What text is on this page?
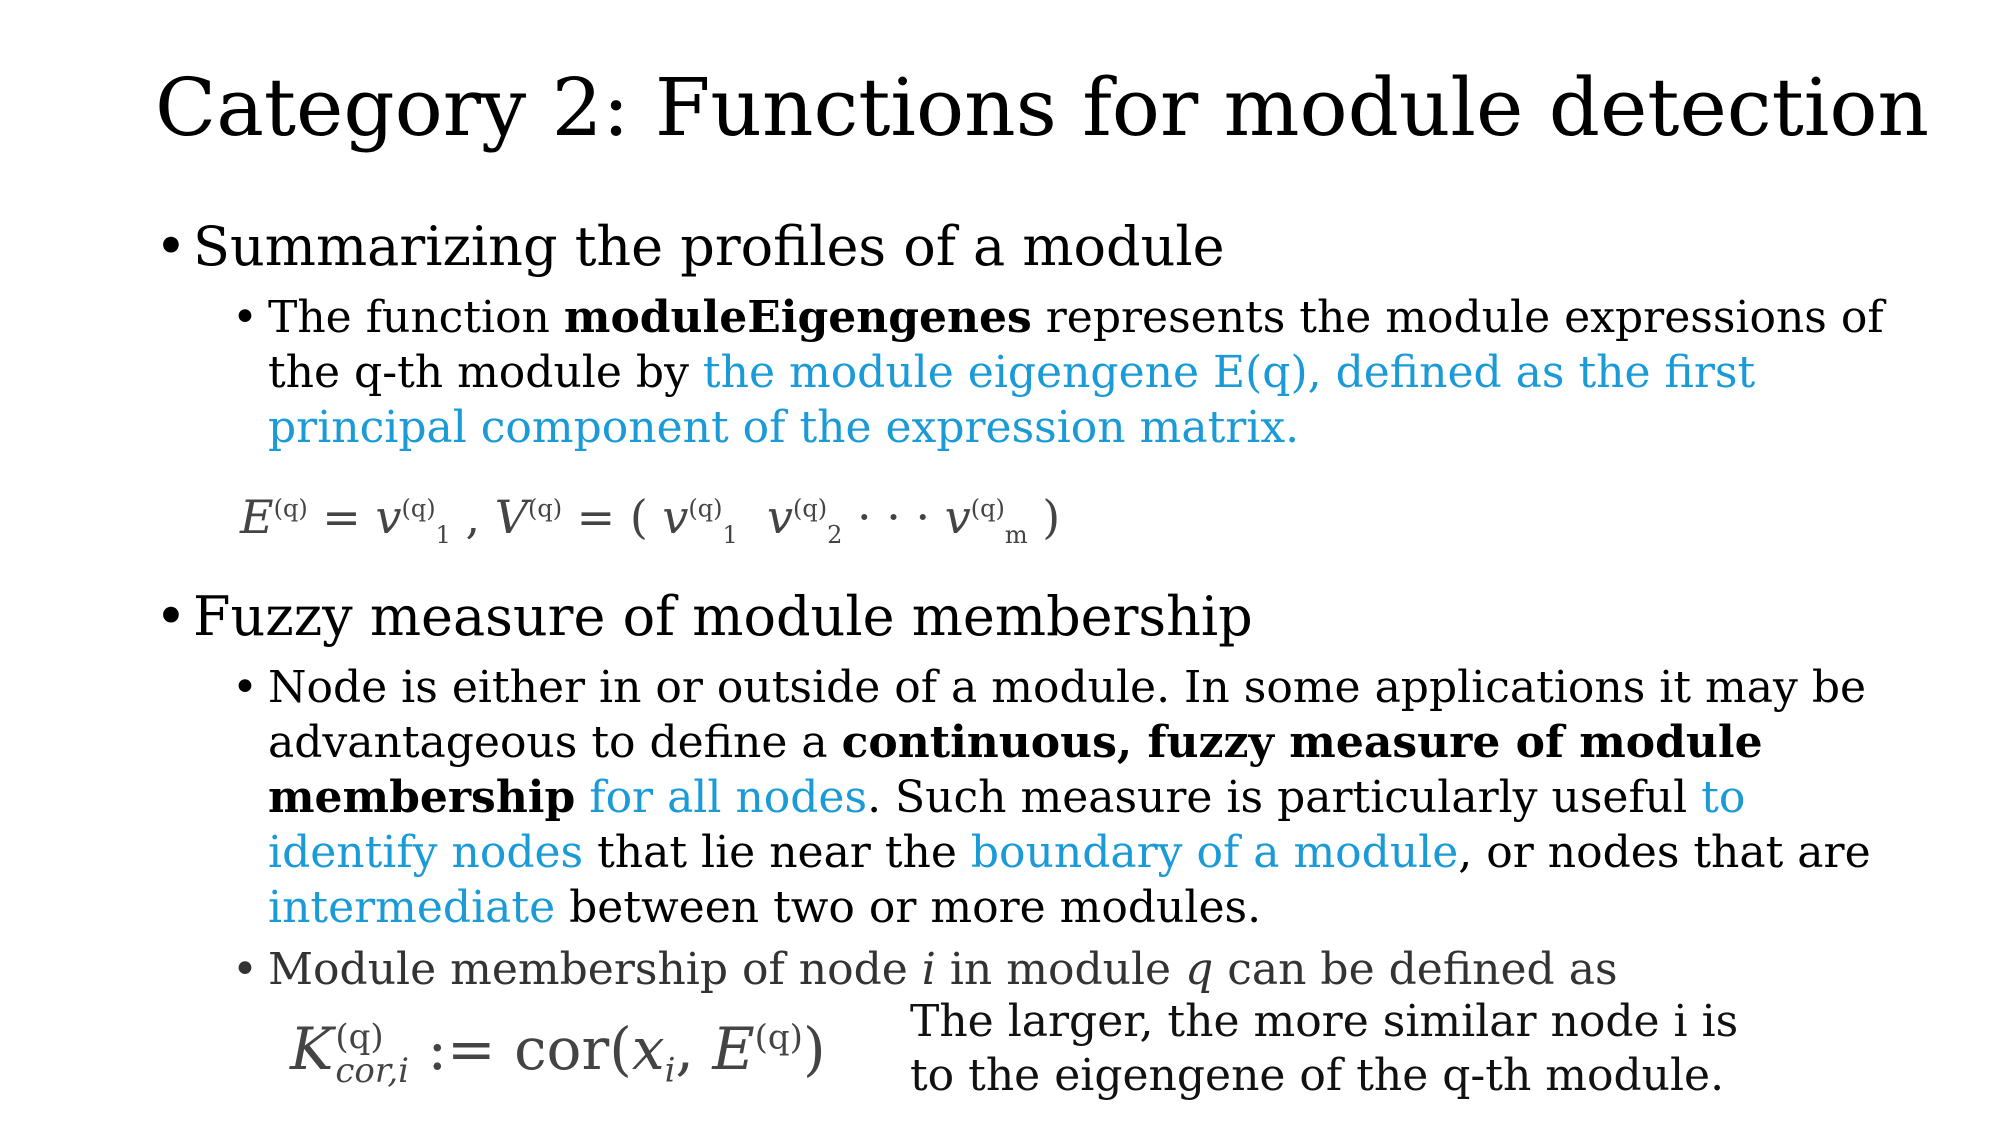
Category 2: Functions for module detection
• Summarizing the profiles of a module
• The function moduleEigengenes represents the module expressions of the q-th module by the module eigengene E(q), defined as the first principal component of the expression matrix.
$E^{(q)} = v^{(q)}_1$ , $V^{(q)}$ = ( $v^{(q)}_1$ $v^{(q)}_2$ · · · $v^{(q)}_m$ )
• Fuzzy measure of module membership
• Node is either in or outside of a module. In some applications it may be advantageous to define a continuous, fuzzy measure of module membership for all nodes. Such measure is particularly useful to identify nodes that lie near the boundary of a module, or nodes that are intermediate between two or more modules.
• Module membership of node i in module q can be defined as
K (q)
cor,i := $cor(x_i$, $E^{(q)}$) The larger, the more similar node i is to the eigengene of the q-th module.
